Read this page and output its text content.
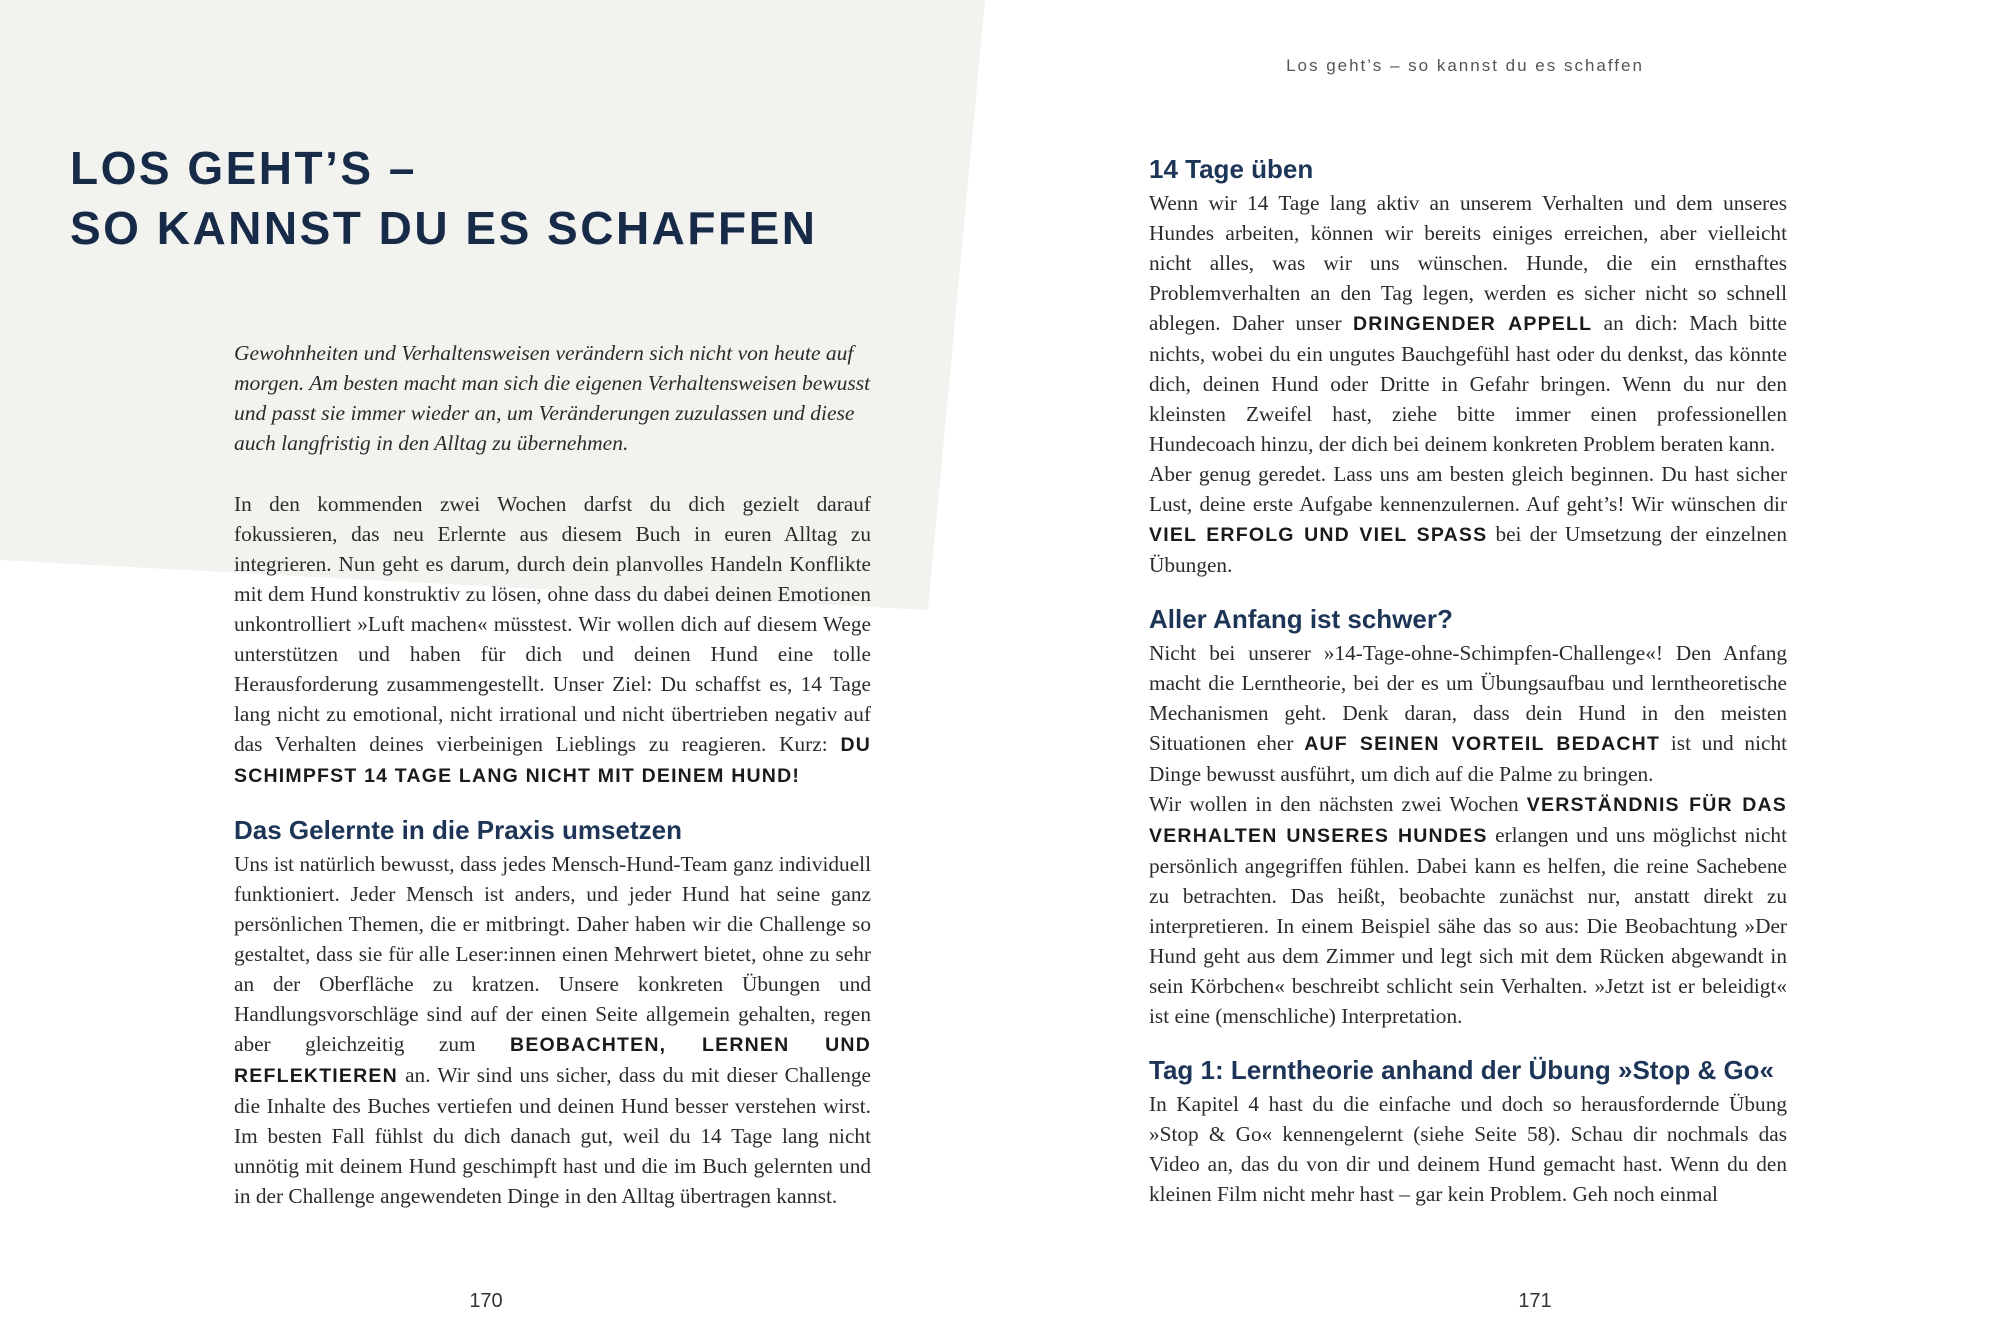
LOS GEHT’S –
SO KANNST DU ES SCHAFFEN

Gewohnheiten und Verhaltensweisen verändern sich nicht von heute auf morgen. Am besten macht man sich die eigenen Verhaltensweisen bewusst und passt sie immer wieder an, um Veränderungen zuzulassen und diese auch langfristig in den Alltag zu übernehmen.

In den kommenden zwei Wochen darfst du dich gezielt darauf fokussieren, das neu Erlernte aus diesem Buch in euren Alltag zu integrieren. Nun geht es darum, durch dein planvolles Handeln Konflikte mit dem Hund konstruktiv zu lösen, ohne dass du dabei deinen Emotionen unkontrolliert »Luft machen« müsstest. Wir wollen dich auf diesem Wege unterstützen und haben für dich und deinen Hund eine tolle Herausforderung zusammengestellt. Unser Ziel: Du schaffst es, 14 Tage lang nicht zu emotional, nicht irrational und nicht übertrieben negativ auf das Verhalten deines vierbeinigen Lieblings zu reagieren. Kurz: DU SCHIMPFST 14 TAGE LANG NICHT MIT DEINEM HUND!

Das Gelernte in die Praxis umsetzen

Uns ist natürlich bewusst, dass jedes Mensch-Hund-Team ganz individuell funktioniert. Jeder Mensch ist anders, und jeder Hund hat seine ganz persönlichen Themen, die er mitbringt. Daher haben wir die Challenge so gestaltet, dass sie für alle Leser:innen einen Mehrwert bietet, ohne zu sehr an der Oberfläche zu kratzen. Unsere konkreten Übungen und Handlungsvorschläge sind auf der einen Seite allgemein gehalten, regen aber gleichzeitig zum BEOBACHTEN, LERNEN UND REFLEKTIEREN an. Wir sind uns sicher, dass du mit dieser Challenge die Inhalte des Buches vertiefen und deinen Hund besser verstehen wirst. Im besten Fall fühlst du dich danach gut, weil du 14 Tage lang nicht unnötig mit deinem Hund geschimpft hast und die im Buch gelernten und in der Challenge angewendeten Dinge in den Alltag übertragen kannst.

170
Los geht’s – so kannst du es schaffen
14 Tage üben

Wenn wir 14 Tage lang aktiv an unserem Verhalten und dem unseres Hundes arbeiten, können wir bereits einiges erreichen, aber vielleicht nicht alles, was wir uns wünschen. Hunde, die ein ernsthaftes Problemverhalten an den Tag legen, werden es sicher nicht so schnell ablegen. Daher unser DRINGENDER APPELL an dich: Mach bitte nichts, wobei du ein ungutes Bauchgefühl hast oder du denkst, das könnte dich, deinen Hund oder Dritte in Gefahr bringen. Wenn du nur den kleinsten Zweifel hast, ziehe bitte immer einen professionellen Hundecoach hinzu, der dich bei deinem konkreten Problem beraten kann.

Aber genug geredet. Lass uns am besten gleich beginnen. Du hast sicher Lust, deine erste Aufgabe kennenzulernen. Auf geht’s! Wir wünschen dir VIEL ERFOLG UND VIEL SPASS bei der Umsetzung der einzelnen Übungen.

Aller Anfang ist schwer?

Nicht bei unserer »14-Tage-ohne-Schimpfen-Challenge«! Den Anfang macht die Lerntheorie, bei der es um Übungsaufbau und lerntheoretische Mechanismen geht. Denk daran, dass dein Hund in den meisten Situationen eher AUF SEINEN VORTEIL BEDACHT ist und nicht Dinge bewusst ausführt, um dich auf die Palme zu bringen.

Wir wollen in den nächsten zwei Wochen VERSTÄNDNIS FÜR DAS VERHALTEN UNSERES HUNDES erlangen und uns möglichst nicht persönlich angegriffen fühlen. Dabei kann es helfen, die reine Sachebene zu betrachten. Das heißt, beobachte zunächst nur, anstatt direkt zu interpretieren. In einem Beispiel sähe das so aus: Die Beobachtung »Der Hund geht aus dem Zimmer und legt sich mit dem Rücken abgewandt in sein Körbchen« beschreibt schlicht sein Verhalten. »Jetzt ist er beleidigt« ist eine (menschliche) Interpretation.

Tag 1: Lerntheorie anhand der Übung »Stop & Go«

In Kapitel 4 hast du die einfache und doch so herausfordernde Übung »Stop & Go« kennengelernt (siehe Seite 58). Schau dir nochmals das Video an, das du von dir und deinem Hund gemacht hast. Wenn du den kleinen Film nicht mehr hast – gar kein Problem. Geh noch einmal

171
